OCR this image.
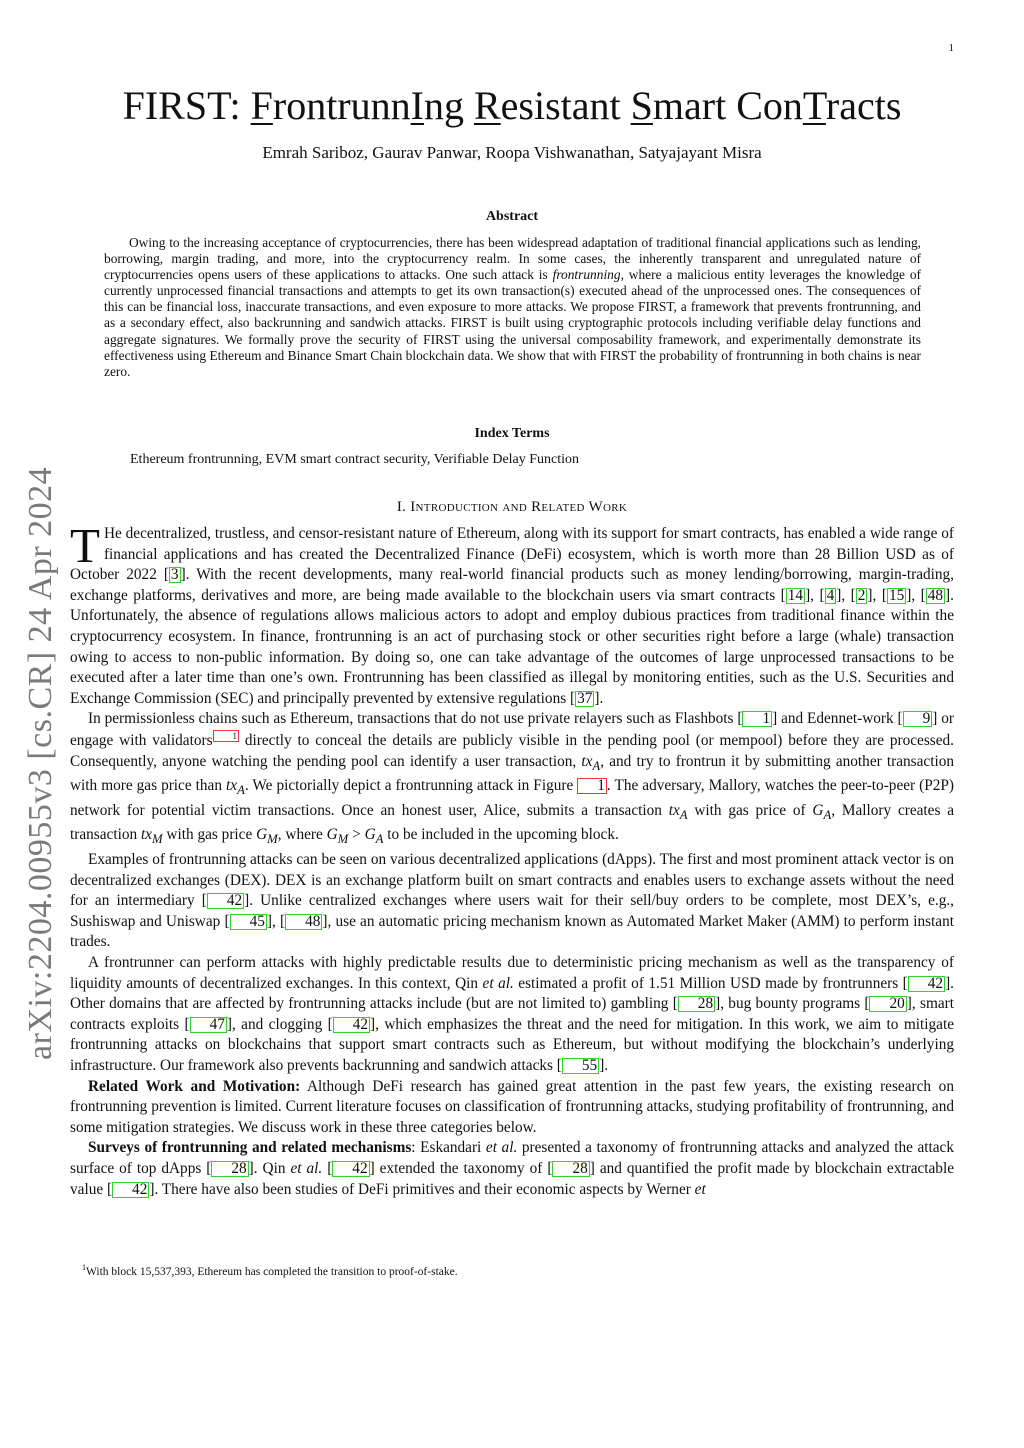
1
arXiv:2204.00955v3 [cs.CR] 24 Apr 2024
FIRST: FrontrunnIng Resistant Smart ConTracts
Emrah Sariboz, Gaurav Panwar, Roopa Vishwanathan, Satyajayant Misra
Abstract

Owing to the increasing acceptance of cryptocurrencies, there has been widespread adaptation of traditional financial applications such as lending, borrowing, margin trading, and more, into the cryptocurrency realm. In some cases, the inherently transparent and unregulated nature of cryptocurrencies opens users of these applications to attacks. One such attack is frontrunning, where a malicious entity leverages the knowledge of currently unprocessed financial transactions and attempts to get its own transaction(s) executed ahead of the unprocessed ones. The consequences of this can be financial loss, inaccurate transactions, and even exposure to more attacks. We propose FIRST, a framework that prevents frontrunning, and as a secondary effect, also backrunning and sandwich attacks. FIRST is built using cryptographic protocols including verifiable delay functions and aggregate signatures. We formally prove the security of FIRST using the universal composability framework, and experimentally demonstrate its effectiveness using Ethereum and Binance Smart Chain blockchain data. We show that with FIRST the probability of frontrunning in both chains is near zero.

Index Terms
Ethereum frontrunning, EVM smart contract security, Verifiable Delay Function
I. Introduction and Related Work

T He decentralized, trustless, and censor-resistant nature of Ethereum, along with its support for smart contracts, has enabled a wide range of financial applications and has created the Decentralized Finance (DeFi) ecosystem, which is worth more than 28 Billion USD as of October 2022 [ 3 ]. With the recent developments, many real-world financial products such as money lending/borrowing, margin-trading, exchange platforms, derivatives and more, are being made available to the blockchain users via smart contracts [ 14 ], [ 4 ], [ 2 ], [ 15 ], [ 48 ]. Unfortunately, the absence of regulations allows malicious actors to adopt and employ dubious practices from traditional finance within the cryptocurrency ecosystem. In finance, frontrunning is an act of purchasing stock or other securities right before a large (whale) transaction owing to access to non-public information. By doing so, one can take advantage of the outcomes of large unprocessed transactions to be executed after a later time than one’s own. Frontrunning has been classified as illegal by monitoring entities, such as the U.S. Securities and Exchange Commission (SEC) and principally prevented by extensive regulations [ 37 ].

In permissionless chains such as Ethereum, transactions that do not use private relayers such as Flashbots [ 1 ] and Edennet-work [ 9 ] or engage with validators 1 directly to conceal the details are publicly visible in the pending pool (or mempool) before they are processed. Consequently, anyone watching the pending pool can identify a user transaction, $tx_A$, and try to frontrun it by submitting another transaction with more gas price than $tx_A$. We pictorially depict a frontrunning attack in Figure 1 . The adversary, Mallory, watches the peer-to-peer (P2P) network for potential victim transactions. Once an honest user, Alice, submits a transaction $tx_A$ with gas price of $G_A$, Mallory creates a transaction $tx_M$ with gas price $G_M$, where $G_M > G_A$ to be included in the upcoming block.

Examples of frontrunning attacks can be seen on various decentralized applications (dApps). The first and most prominent attack vector is on decentralized exchanges (DEX). DEX is an exchange platform built on smart contracts and enables users to exchange assets without the need for an intermediary [ 42 ]. Unlike centralized exchanges where users wait for their sell/buy orders to be complete, most DEX’s, e.g., Sushiswap and Uniswap [ 45 ], [ 48 ], use an automatic pricing mechanism known as Automated Market Maker (AMM) to perform instant trades.

A frontrunner can perform attacks with highly predictable results due to deterministic pricing mechanism as well as the transparency of liquidity amounts of decentralized exchanges. In this context, Qin et al. estimated a profit of 1.51 Million USD made by frontrunners [ 42 ]. Other domains that are affected by frontrunning attacks include (but are not limited to) gambling [ 28 ], bug bounty programs [ 20 ], smart contracts exploits [ 47 ], and clogging [ 42 ], which emphasizes the threat and the need for mitigation. In this work, we aim to mitigate frontrunning attacks on blockchains that support smart contracts such as Ethereum, but without modifying the blockchain’s underlying infrastructure. Our framework also prevents backrunning and sandwich attacks [ 55 ].

Related Work and Motivation: Although DeFi research has gained great attention in the past few years, the existing research on frontrunning prevention is limited. Current literature focuses on classification of frontrunning attacks, studying profitability of frontrunning, and some mitigation strategies. We discuss work in these three categories below.

Surveys of frontrunning and related mechanisms: Eskandari et al. presented a taxonomy of frontrunning attacks and analyzed the attack surface of top dApps [ 28 ]. Qin et al. [ 42 ] extended the taxonomy of [ 28 ] and quantified the profit made by blockchain extractable value [ 42 ]. There have also been studies of DeFi primitives and their economic aspects by Werner et

$^1$With block 15,537,393, Ethereum has completed the transition to proof-of-stake.
